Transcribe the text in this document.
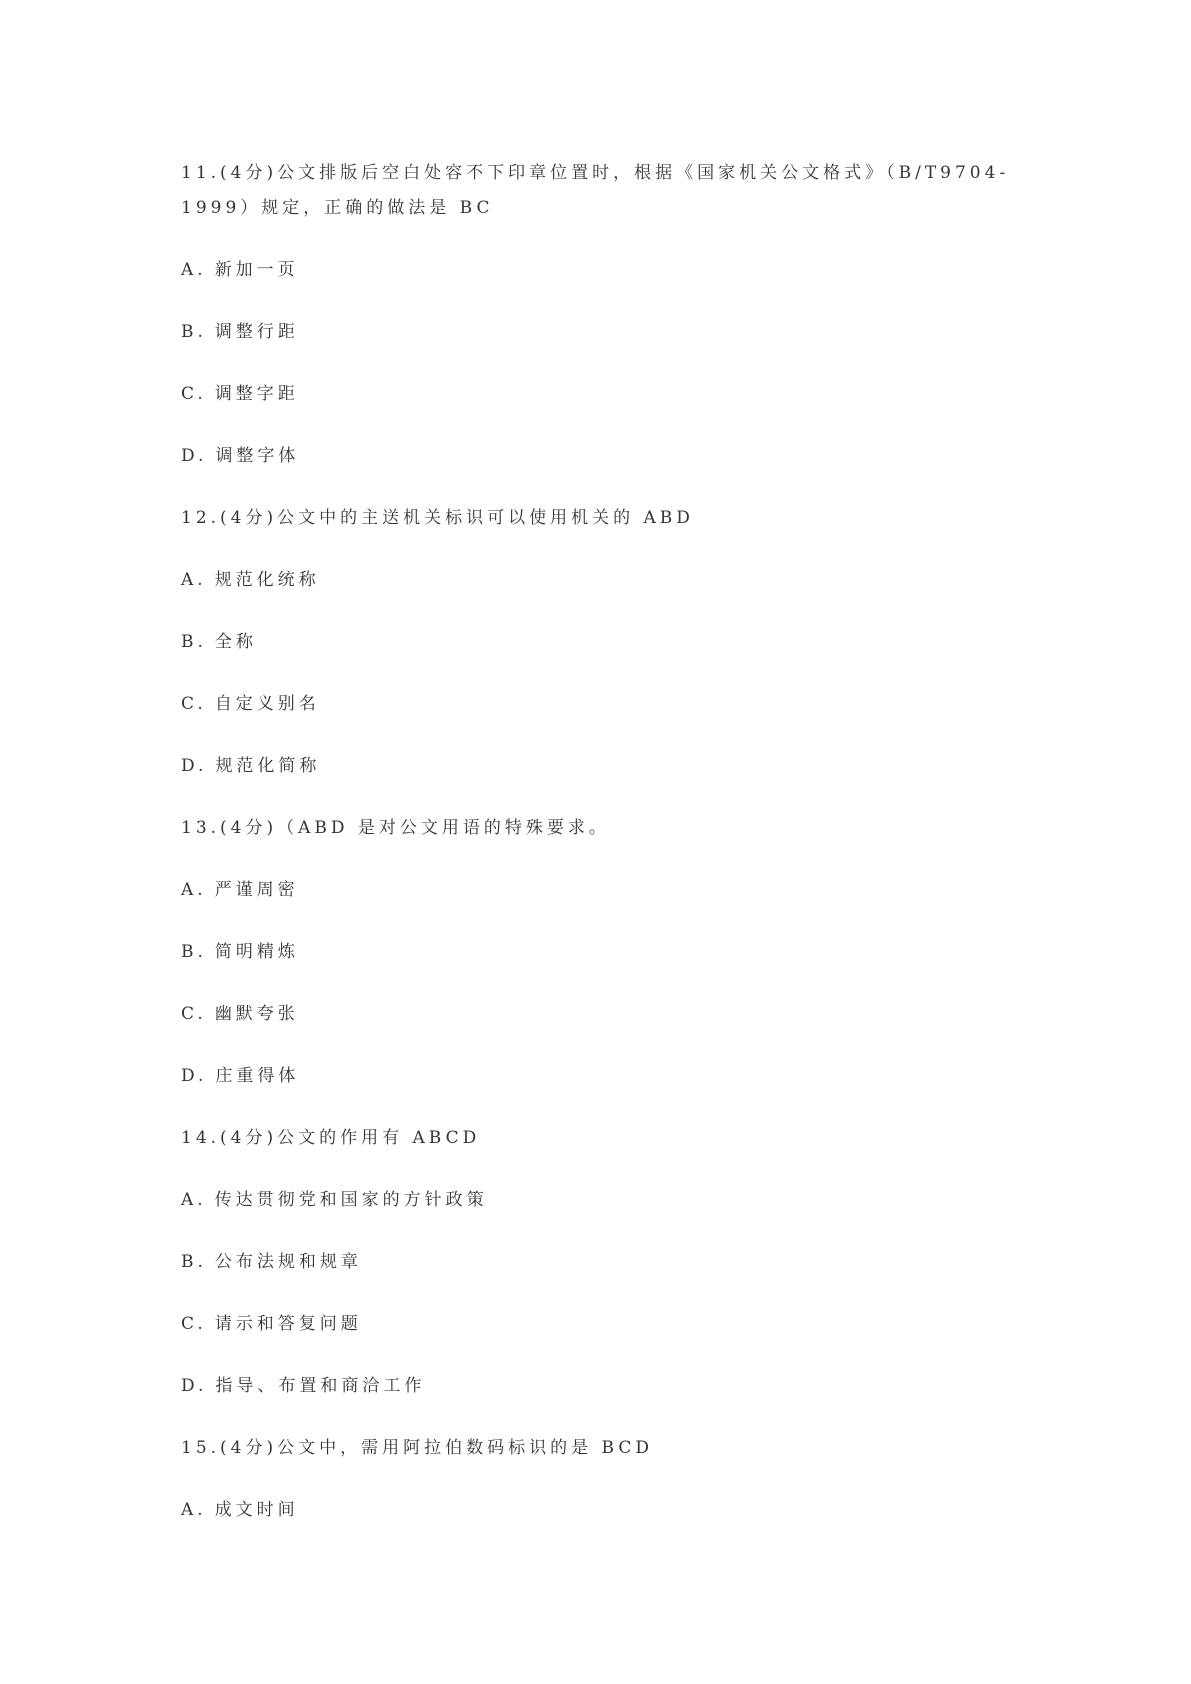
11.(4分)公文排版后空白处容不下印章位置时，根据《国家机关公文格式》（B/T9704-1999）规定，正确的做法是 BC

A. 新加一页

B. 调整行距

C. 调整字距

D. 调整字体

12.(4分)公文中的主送机关标识可以使用机关的 ABD

A. 规范化统称

B. 全称

C. 自定义别名

D. 规范化简称

13.(4分)（ABD 是对公文用语的特殊要求。

A. 严谨周密

B. 简明精炼

C. 幽默夸张

D. 庄重得体

14.(4分)公文的作用有 ABCD

A. 传达贯彻党和国家的方针政策

B. 公布法规和规章

C. 请示和答复问题

D. 指导、布置和商洽工作

15.(4分)公文中，需用阿拉伯数码标识的是 BCD

A. 成文时间
